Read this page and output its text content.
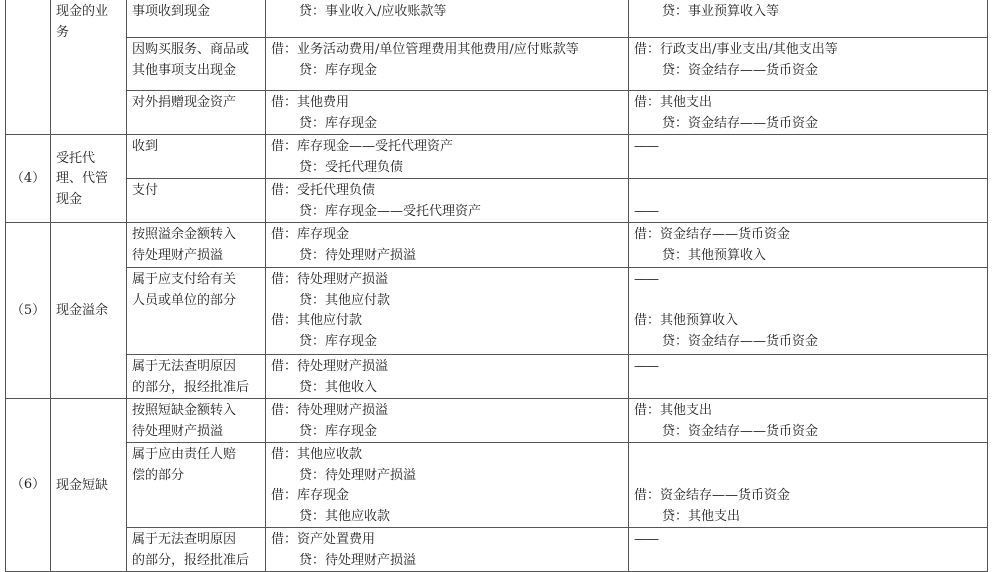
	现金的业
务	事项收到现金	贷：事业收入/应收账款等	贷：事业预算收入等

		因购买服务、商品或
其他事项支出现金	借：业务活动费用/单位管理费用其他费用/应付账款等
贷：库存现金	借：行政支出/事业支出/其他支出等
贷：资金结存——货币资金

		对外捐赠现金资产	借：其他费用
贷：库存现金	借：其他支出
贷：资金结存——货币资金

（4）	受托代
理、代管
现金	收到	借：库存现金——受托代理资产
贷：受托代理负债	——

		支付	借：受托代理负债
贷：库存现金——受托代理资产	——

（5）	现金溢余	按照溢余金额转入
待处理财产损溢	借：库存现金
贷：待处理财产损溢	借：资金结存——货币资金
贷：其他预算收入

		属于应支付给有关
人员或单位的部分	借：待处理财产损溢
贷：其他应付款
借：其他应付款
贷：库存现金	——
借：其他预算收入
贷：资金结存——货币资金

		属于无法查明原因
的部分，报经批准后	借：待处理财产损溢
贷：其他收入	——

（6）	现金短缺	按照短缺金额转入
待处理财产损溢	借：待处理财产损溢
贷：库存现金	借：其他支出
贷：资金结存——货币资金

		属于应由责任人赔
偿的部分	借：其他应收款
贷：待处理财产损溢
借：库存现金
贷：其他应收款	借：资金结存——货币资金
贷：其他支出

		属于无法查明原因
的部分，报经批准后	借：资产处置费用
贷：待处理财产损溢	——
